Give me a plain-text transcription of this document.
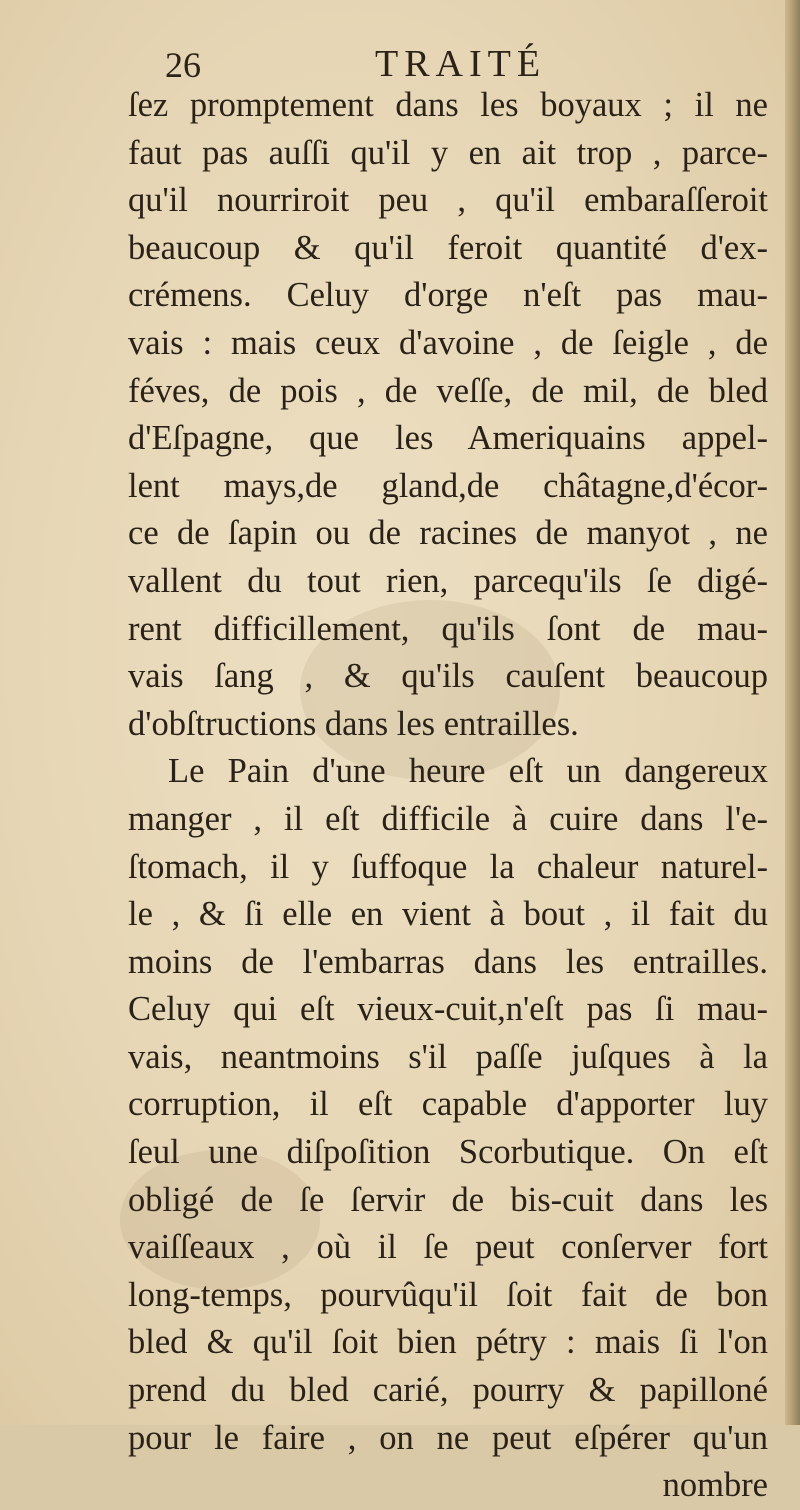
26	TRAITÉ
ſez promptement dans les boyaux ; il ne
faut pas auſſi qu'il y en ait trop , parce-
qu'il nourriroit peu , qu'il embaraſſeroit
beaucoup & qu'il feroit quantité d'ex-
crémens. Celuy d'orge n'eſt pas mau-
vais : mais ceux d'avoine , de ſeigle , de
féves, de pois , de veſſe, de mil, de bled
d'Eſpagne, que les Ameriquains appel-
lent mays,de gland,de châtagne,d'écor-
ce de ſapin ou de racines de manyot , ne
vallent du tout rien, parcequ'ils ſe digé-
rent difficillement, qu'ils ſont de mau-
vais ſang , & qu'ils cauſent beaucoup
d'obſtructions dans les entrailles.
Le Pain d'une heure eſt un dangereux
manger , il eſt difficile à cuire dans l'e-
ſtomach, il y ſuffoque la chaleur naturel-
le , & ſi elle en vient à bout , il fait du
moins de l'embarras dans les entrailles.
Celuy qui eſt vieux-cuit,n'eſt pas ſi mau-
vais, neantmoins s'il paſſe juſques à la
corruption, il eſt capable d'apporter luy
ſeul une diſpoſition Scorbutique. On eſt
obligé de ſe ſervir de bis-cuit dans les
vaiſſeaux , où il ſe peut conſerver fort
long-temps, pourvûqu'il ſoit fait de bon
bled & qu'il ſoit bien pétry : mais ſi l'on
prend du bled carié, pourry & papilloné
pour le faire , on ne peut eſpérer qu'un
nombre
